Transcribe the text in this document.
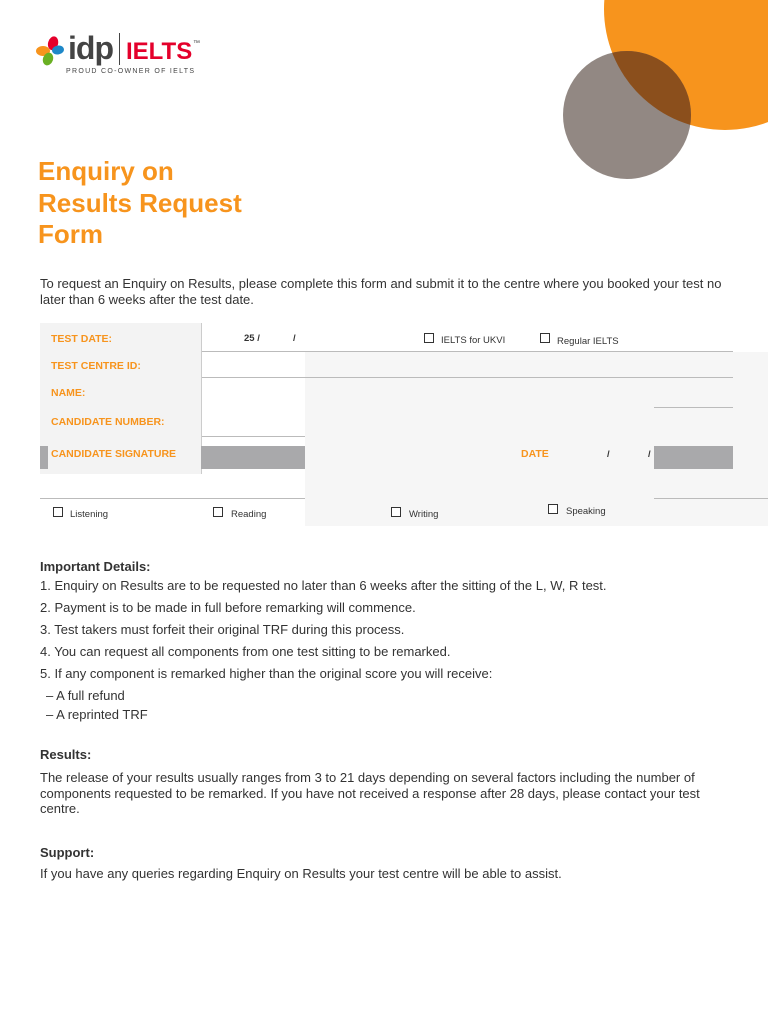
idp IELTS ™
PROUD CO-OWNER OF IELTS
Enquiry on
Results Request
Form

To request an Enquiry on Results, please complete this form and submit it to the centre where you booked your test no later than 6 weeks after the test date.

TEST DATE:	25 /	/	IELTS for UKVI	Regular IELTS
TEST CENTRE ID:
NAME:
CANDIDATE NUMBER:
CANDIDATE SIGNATURE	DATE	/	/
Listening	Reading	Writing	Speaking
Important Details:
1. Enquiry on Results are to be requested no later than 6 weeks after the sitting of the L, W, R test.
2. Payment is to be made in full before remarking will commence.
3. Test takers must forfeit their original TRF during this process.
4. You can request all components from one test sitting to be remarked.
5. If any component is remarked higher than the original score you will receive:
– A full refund
– A reprinted TRF
Results:

The release of your results usually ranges from 3 to 21 days depending on several factors including the number of components requested to be remarked. If you have not received a response after 28 days, please contact your test centre.

Support:

If you have any queries regarding Enquiry on Results your test centre will be able to assist.
